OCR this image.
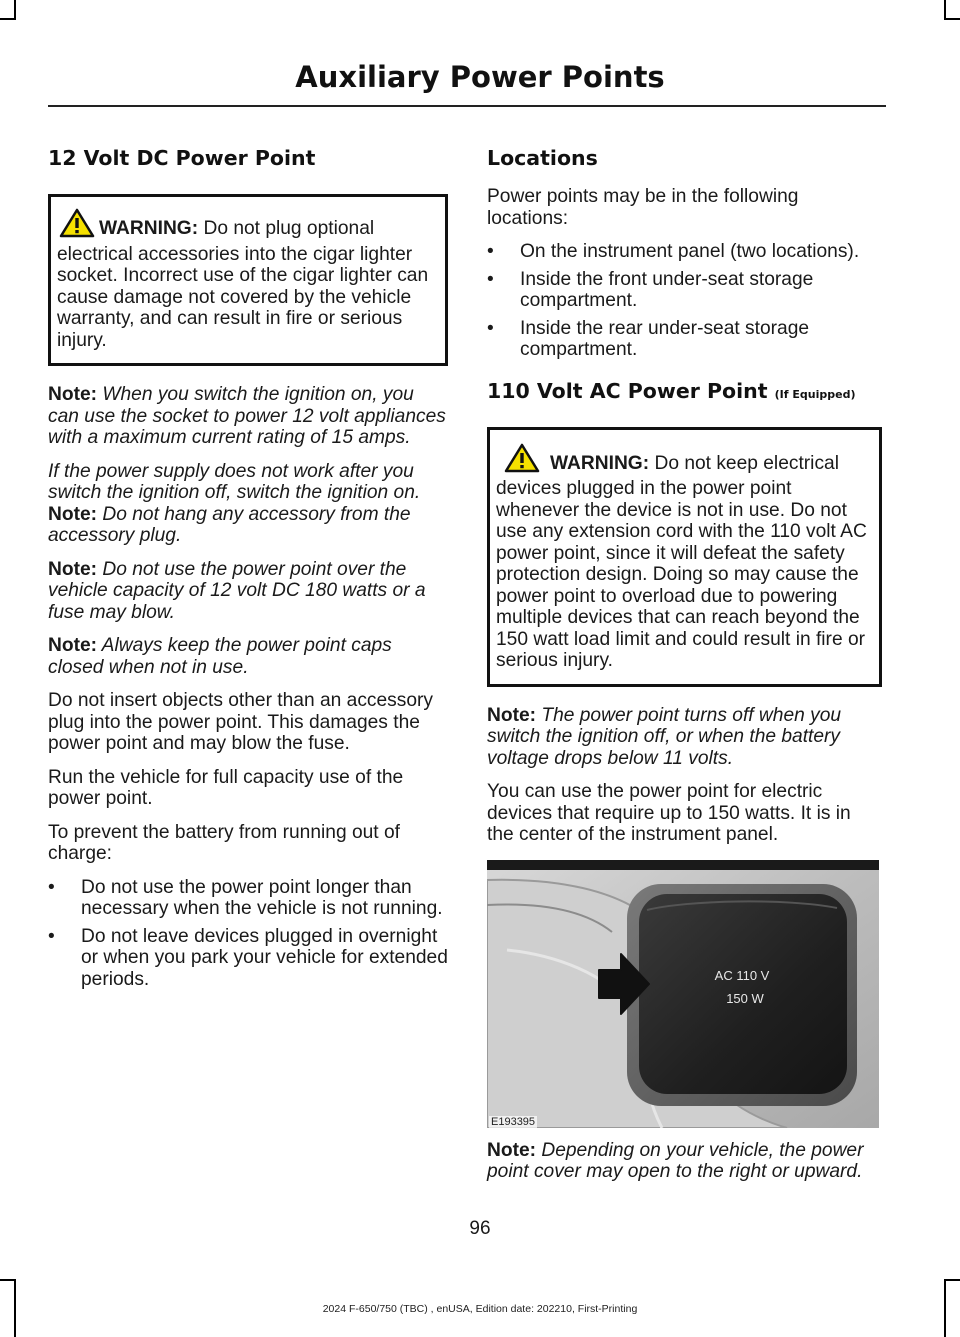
Auxiliary Power Points
12 Volt DC Power Point
WARNING: Do not plug optional electrical accessories into the cigar lighter socket. Incorrect use of the cigar lighter can cause damage not covered by the vehicle warranty, and can result in fire or serious injury.

Note: When you switch the ignition on, you can use the socket to power 12 volt appliances with a maximum current rating of 15 amps.

If the power supply does not work after you switch the ignition off, switch the ignition on.

Note: Do not hang any accessory from the accessory plug.

Note: Do not use the power point over the vehicle capacity of 12 volt DC 180 watts or a fuse may blow.

Note: Always keep the power point caps closed when not in use.

Do not insert objects other than an accessory plug into the power point. This damages the power point and may blow the fuse.

Run the vehicle for full capacity use of the power point.

To prevent the battery from running out of charge:

• Do not use the power point longer than necessary when the vehicle is not running.
• Do not leave devices plugged in overnight or when you park your vehicle for extended periods.
Locations

Power points may be in the following locations:

• On the instrument panel (two locations).
• Inside the front under-seat storage compartment.
• Inside the rear under-seat storage compartment.
110 Volt AC Power Point (If Equipped)
WARNING: Do not keep electrical devices plugged in the power point whenever the device is not in use. Do not use any extension cord with the 110 volt AC power point, since it will defeat the safety protection design. Doing so may cause the power point to overload due to powering multiple devices that can reach beyond the 150 watt load limit and could result in fire or serious injury.

Note: The power point turns off when you switch the ignition off, or when the battery voltage drops below 11 volts.

You can use the power point for electric devices that require up to 150 watts. It is in the center of the instrument panel.

AC 110 V
150 W
E193395

Note: Depending on your vehicle, the power point cover may open to the right or upward.

96
2024 F-650/750 (TBC) , enUSA, Edition date: 202210, First-Printing
